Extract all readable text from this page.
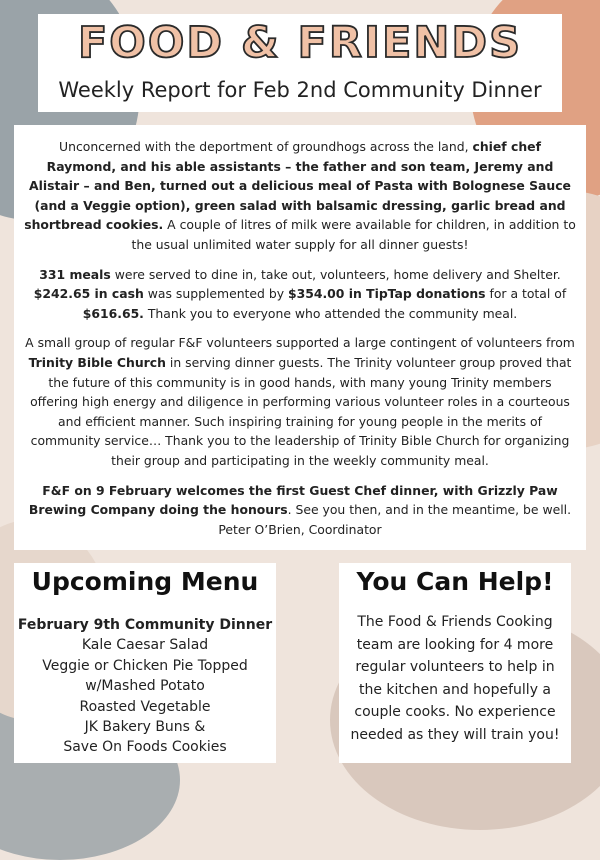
FOOD & FRIENDS
Weekly Report for Feb 2nd Community Dinner

Unconcerned with the deportment of groundhogs across the land, chief chef Raymond, and his able assistants – the father and son team, Jeremy and Alistair – and Ben, turned out a delicious meal of Pasta with Bolognese Sauce (and a Veggie option), green salad with balsamic dressing, garlic bread and shortbread cookies. A couple of litres of milk were available for children, in addition to the usual unlimited water supply for all dinner guests!

331 meals were served to dine in, take out, volunteers, home delivery and Shelter. $242.65 in cash was supplemented by $354.00 in TipTap donations for a total of $616.65. Thank you to everyone who attended the community meal.

A small group of regular F&F volunteers supported a large contingent of volunteers from Trinity Bible Church in serving dinner guests. The Trinity volunteer group proved that the future of this community is in good hands, with many young Trinity members offering high energy and diligence in performing various volunteer roles in a courteous and efficient manner. Such inspiring training for young people in the merits of community service… Thank you to the leadership of Trinity Bible Church for organizing their group and participating in the weekly community meal.

F&F on 9 February welcomes the first Guest Chef dinner, with Grizzly Paw Brewing Company doing the honours. See you then, and in the meantime, be well.
Peter O’Brien, Coordinator

Upcoming Menu
February 9th Community Dinner
Kale Caesar Salad
Veggie or Chicken Pie Topped
w/Mashed Potato
Roasted Vegetable
JK Bakery Buns &
Save On Foods Cookies
You Can Help!
The Food & Friends Cooking team are looking for 4 more regular volunteers to help in the kitchen and hopefully a couple cooks. No experience needed as they will train you!
